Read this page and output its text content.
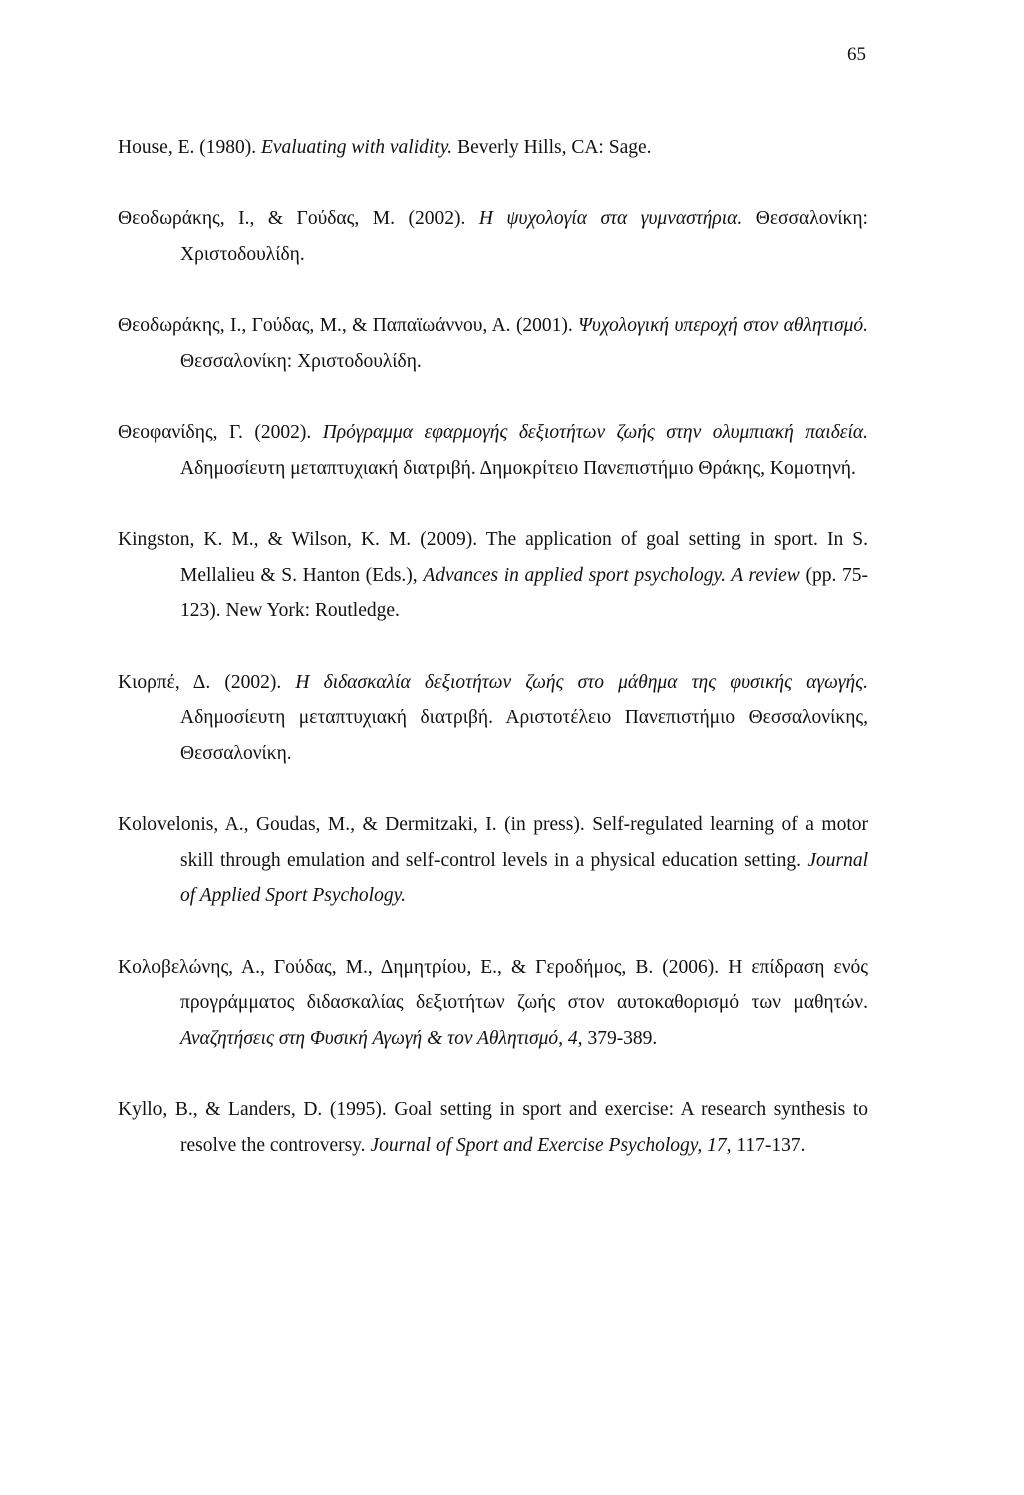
65

House, E. (1980). Evaluating with validity. Beverly Hills, CA: Sage.

Θεοδωράκης, Ι., & Γούδας, Μ. (2002). Η ψυχολογία στα γυμναστήρια. Θεσσαλονίκη: Χριστοδουλίδη.

Θεοδωράκης, Ι., Γούδας, Μ., & Παπαϊωάννου, Α. (2001). Ψυχολογική υπεροχή στον αθλητισμό. Θεσσαλονίκη: Χριστοδουλίδη.

Θεοφανίδης, Γ. (2002). Πρόγραμμα εφαρμογής δεξιοτήτων ζωής στην ολυμπιακή παιδεία. Αδημοσίευτη μεταπτυχιακή διατριβή. Δημοκρίτειο Πανεπιστήμιο Θράκης, Κομοτηνή.

Kingston, K. M., & Wilson, K. M. (2009). The application of goal setting in sport. In S. Mellalieu & S. Hanton (Eds.), Advances in applied sport psychology. A review (pp. 75-123). New York: Routledge.

Κιορπέ, Δ. (2002). Η διδασκαλία δεξιοτήτων ζωής στο μάθημα της φυσικής αγωγής. Αδημοσίευτη μεταπτυχιακή διατριβή. Αριστοτέλειο Πανεπιστήμιο Θεσσαλονίκης, Θεσσαλονίκη.

Kolovelonis, A., Goudas, M., & Dermitzaki, I. (in press). Self-regulated learning of a motor skill through emulation and self-control levels in a physical education setting. Journal of Applied Sport Psychology.

Κολοβελώνης, Α., Γούδας, Μ., Δημητρίου, Ε., & Γεροδήμος, Β. (2006). Η επίδραση ενός προγράμματος διδασκαλίας δεξιοτήτων ζωής στον αυτοκαθορισμό των μαθητών. Αναζητήσεις στη Φυσική Αγωγή & τον Αθλητισμό, 4, 379-389.

Kyllo, B., & Landers, D. (1995). Goal setting in sport and exercise: A research synthesis to resolve the controversy. Journal of Sport and Exercise Psychology, 17, 117-137.
